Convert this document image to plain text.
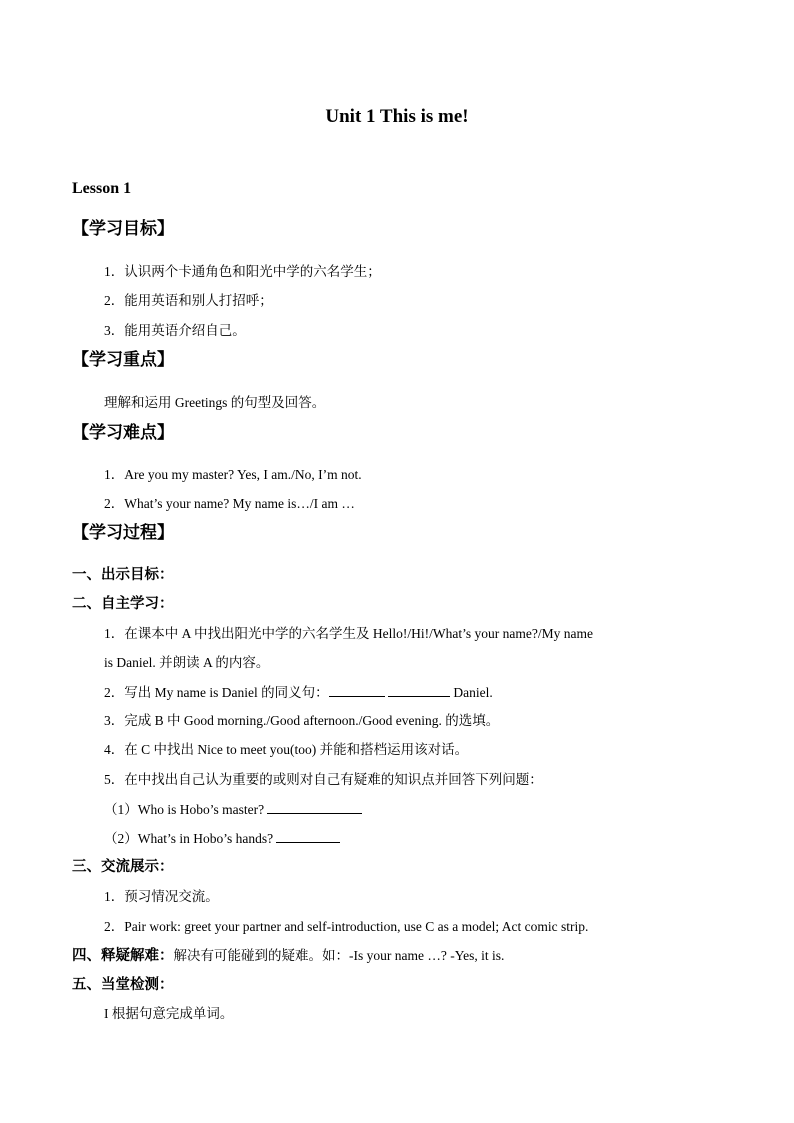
Unit 1 This is me!
Lesson 1
【学习目标】
1．认识两个卡通角色和阳光中学的六名学生；
2．能用英语和别人打招呼；
3．能用英语介绍自己。
【学习重点】
理解和运用 Greetings 的句型及回答。
【学习难点】
1．Are you my master? Yes, I am./No, I’m not.
2．What’s your name? My name is…/I am …
【学习过程】
一、出示目标：
二、自主学习：
1．在课本中 A 中找出阳光中学的六名学生及 Hello!/Hi!/What’s your name?/My name
is Daniel. 并朗读 A 的内容。
2．写出 My name is Daniel 的同义句：	Daniel.
3．完成 B 中 Good morning./Good afternoon./Good evening. 的选填。
4．在 C 中找出 Nice to meet you(too) 并能和搭档运用该对话。
5．在中找出自己认为重要的或则对自己有疑难的知识点并回答下列问题：
（1）Who is Hobo’s master?
（2）What’s in Hobo’s hands?
三、交流展示：
1．预习情况交流。
2．Pair work: greet your partner and self-introduction, use C as a model; Act comic strip.
四、释疑解难：解决有可能碰到的疑难。如：-Is your name …? -Yes, it is.
五、当堂检测：
I 根据句意完成单词。
